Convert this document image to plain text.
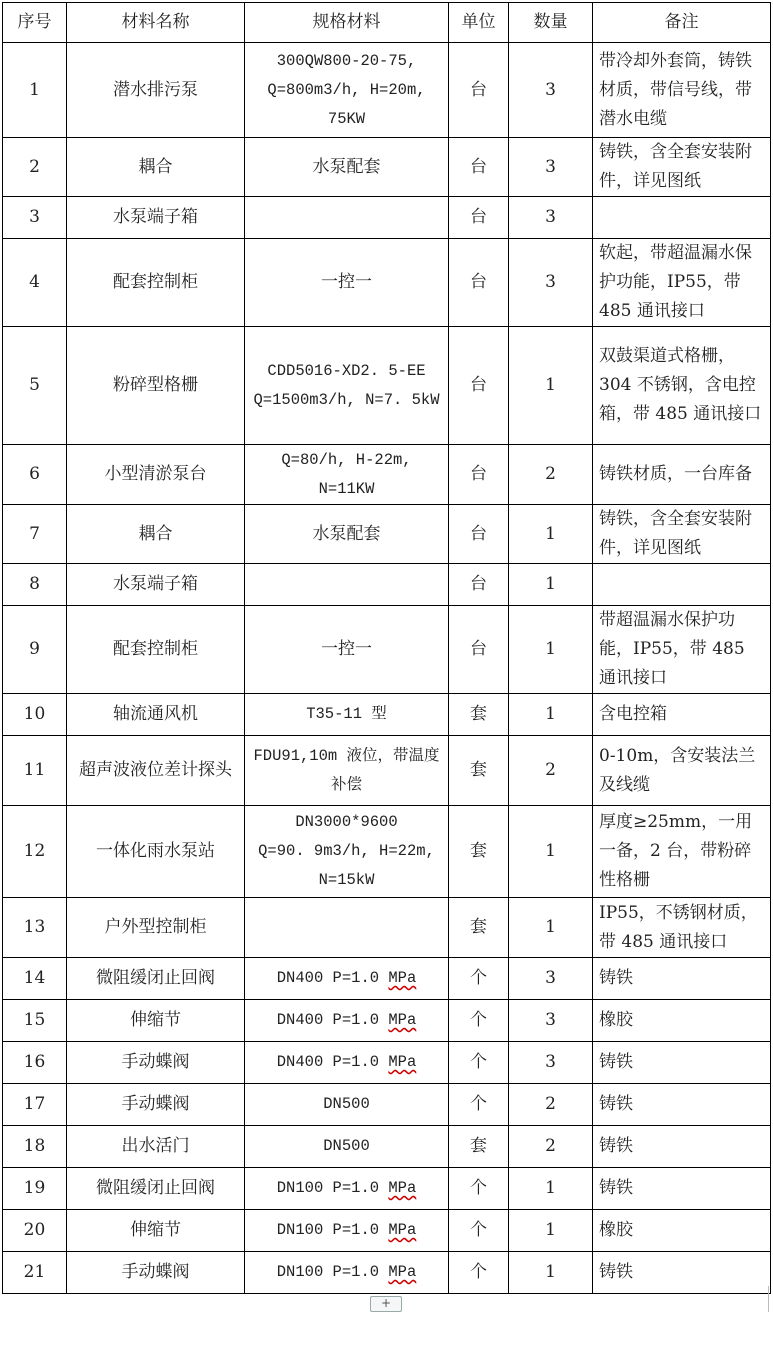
序号	材料名称	规格材料	单位	数量	备注
1	潜水排污泵	300QW800-20-75,
Q=800m3/h, H=20m,
75KW	台	3	带冷却外套筒，铸铁材质，带信号线，带潜水电缆
2	耦合	水泵配套	台	3	铸铁，含全套安装附件，详见图纸
3	水泵端子箱		台	3	
4	配套控制柜	一控一	台	3	软起，带超温漏水保护功能，IP55，带 485 通讯接口
5	粉碎型格栅	CDD5016-XD2. 5-EE
Q=1500m3/h, N=7. 5kW	台	1	双鼓渠道式格栅，304 不锈钢，含电控箱，带 485 通讯接口
6	小型清淤泵台	Q=80/h, H-22m,
N=11KW	台	2	铸铁材质，一台库备
7	耦合	水泵配套	台	1	铸铁，含全套安装附件，详见图纸
8	水泵端子箱		台	1	
9	配套控制柜	一控一	台	1	带超温漏水保护功能，IP55，带 485 通讯接口
10	轴流通风机	T35-11 型	套	1	含电控箱
11	超声波液位差计探头	FDU91,10m 液位，带温度补偿	套	2	0-10m，含安装法兰及线缆
12	一体化雨水泵站	DN3000*9600
Q=90. 9m3/h, H=22m,
N=15kW	套	1	厚度≥25mm，一用一备，2 台，带粉碎性格栅
13	户外型控制柜		套	1	IP55，不锈钢材质，带 485 通讯接口
14	微阻缓闭止回阀	DN400 P=1.0 MPa	个	3	铸铁
15	伸缩节	DN400 P=1.0 MPa	个	3	橡胶
16	手动蝶阀	DN400 P=1.0 MPa	个	3	铸铁
17	手动蝶阀	DN500	个	2	铸铁
18	出水活门	DN500	套	2	铸铁
19	微阻缓闭止回阀	DN100 P=1.0 MPa	个	1	铸铁
20	伸缩节	DN100 P=1.0 MPa	个	1	橡胶
21	手动蝶阀	DN100 P=1.0 MPa	个	1	铸铁
+
